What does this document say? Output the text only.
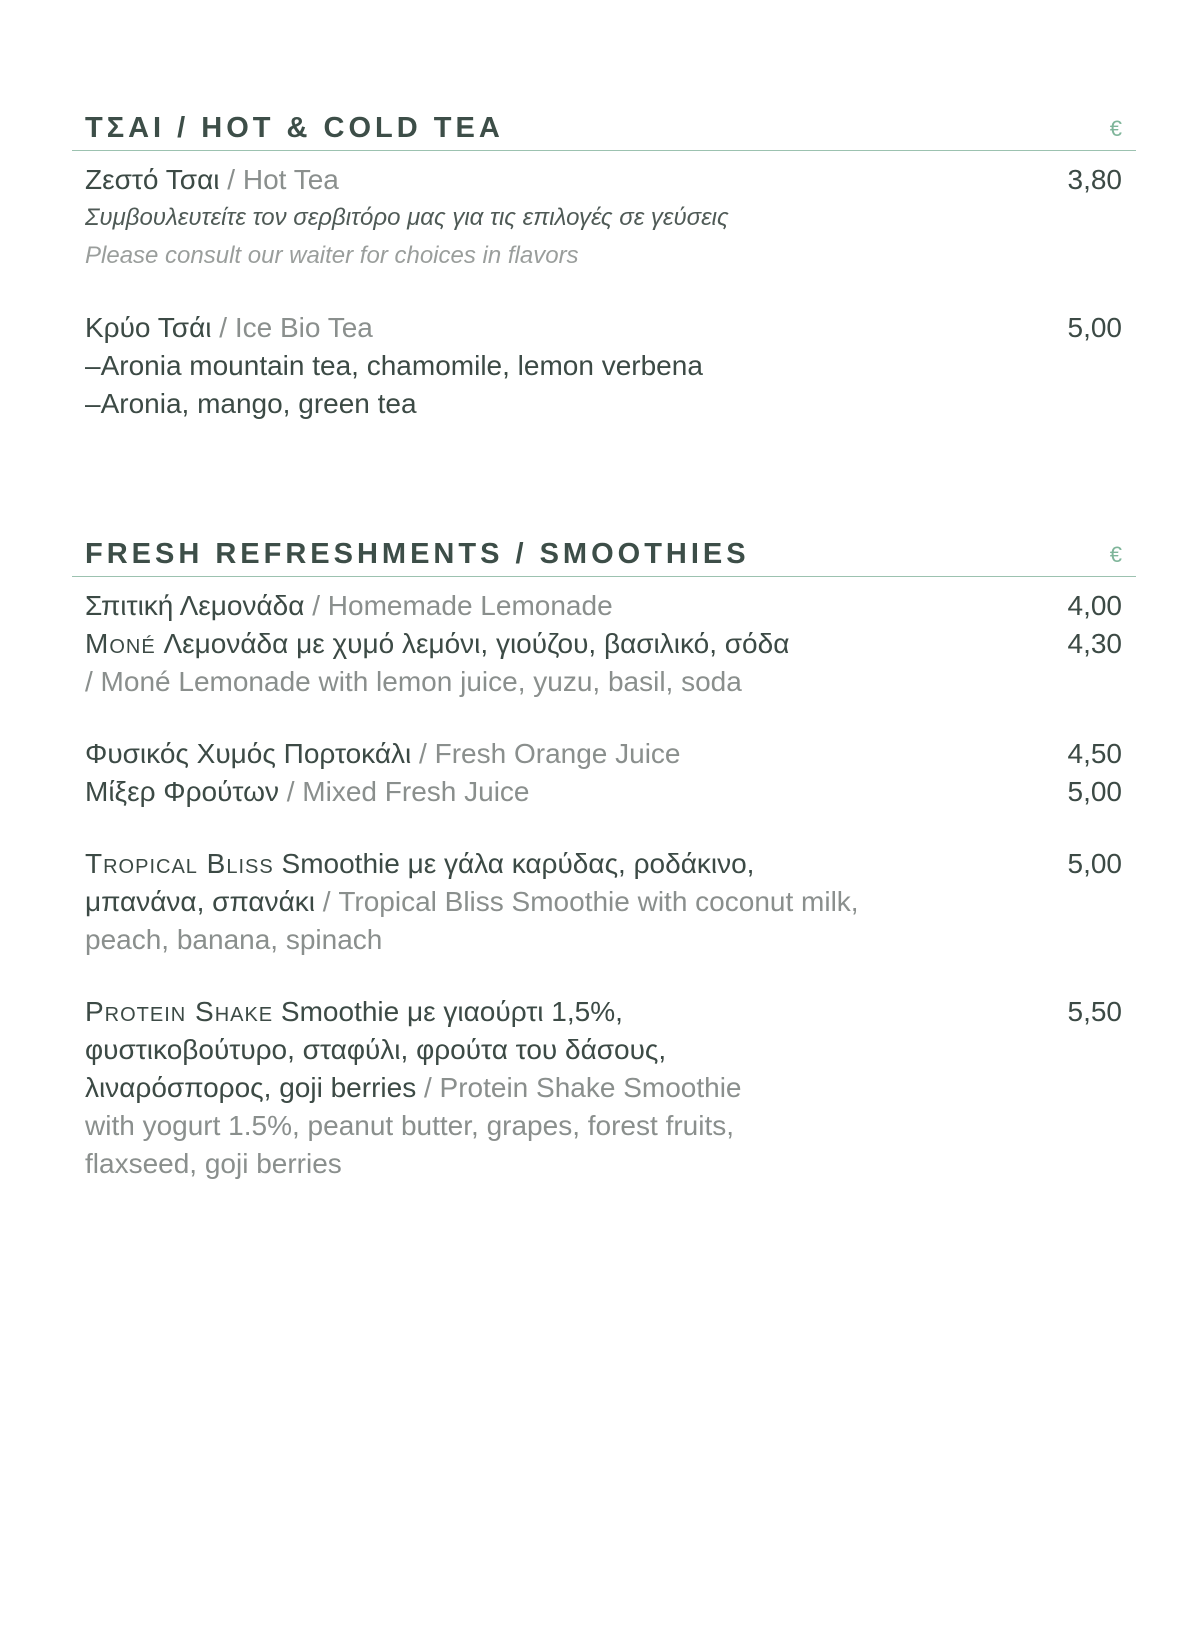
ΤΣΑΙ / HOT & COLD TEA	€
Ζεστό Τσαι / Hot Tea	3,80
Συμβουλευτείτε τον σερβιτόρο μας για τις επιλογές σε γεύσεις
Please consult our waiter for choices in flavors
Κρύο Τσάι / Ice Bio Tea	5,00
–Aronia mountain tea, chamomile, lemon verbena
–Aronia, mango, green tea
FRESH REFRESHMENTS / SMOOTHIES	€
Σπιτική Λεμονάδα / Homemade Lemonade	4,00
Moné Λεμονάδα με χυμό λεμόνι, γιούζου, βασιλικό, σόδα	4,30
/ Moné Lemonade with lemon juice, yuzu, basil, soda
Φυσικός Χυμός Πορτοκάλι / Fresh Orange Juice	4,50
Μίξερ Φρούτων / Mixed Fresh Juice	5,00
Tropical Bliss Smoothie με γάλα καρύδας, ροδάκινο,	5,00
μπανάνα, σπανάκι / Tropical Bliss Smoothie with coconut milk,
peach, banana, spinach
Protein Shake Smoothie με γιαούρτι 1,5%,	5,50
φυστικοβούτυρο, σταφύλι, φρούτα του δάσους,
λιναρόσπορος, goji berries / Protein Shake Smoothie
with yogurt 1.5%, peanut butter, grapes, forest fruits,
flaxseed, goji berries
